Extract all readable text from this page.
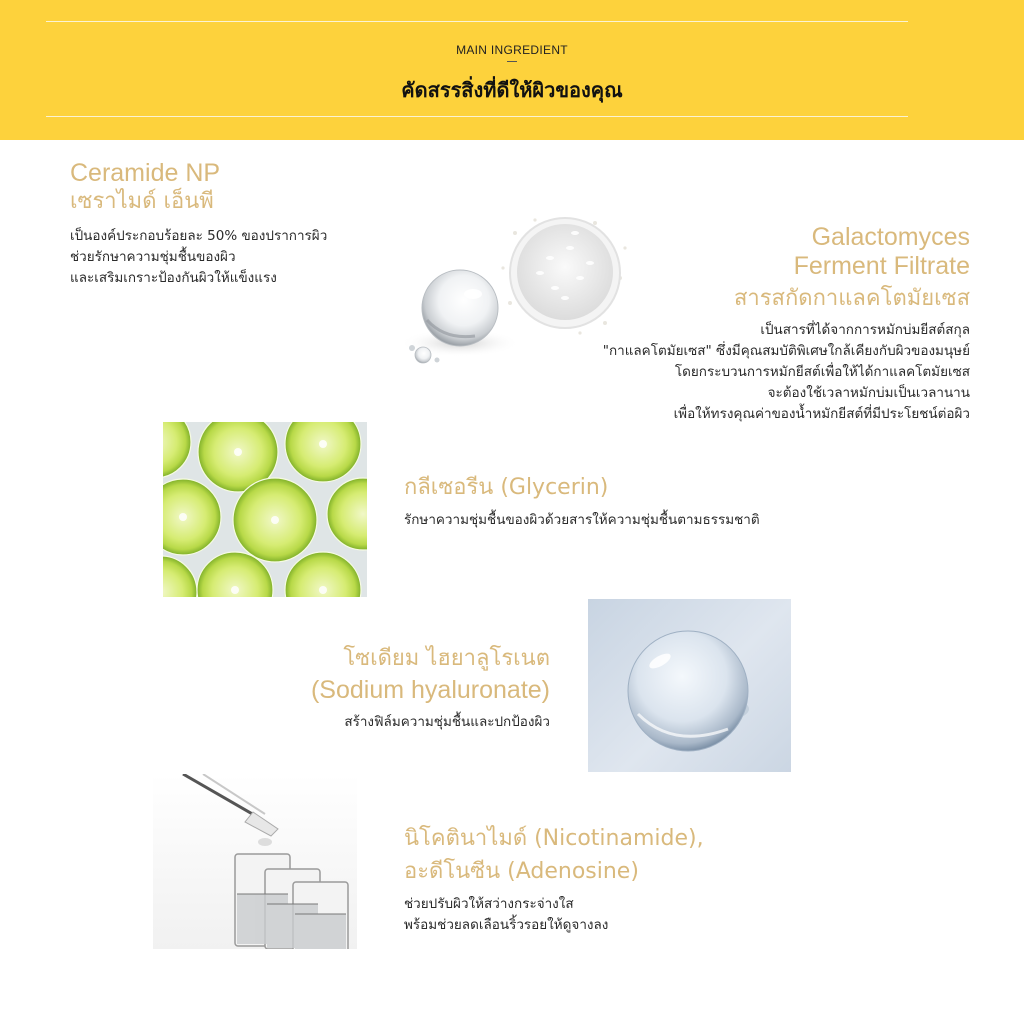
MAIN INGREDIENT
คัดสรรสิ่งที่ดีให้ผิวของคุณ
Ceramide NP
เซราไมด์ เอ็นพี
เป็นองค์ประกอบร้อยละ 50% ของปราการผิว
ช่วยรักษาความชุ่มชื้นของผิว
และเสริมเกราะป้องกันผิวให้แข็งแรง
Galactomyces
Ferment Filtrate
สารสกัดกาแลคโตมัยเซส
เป็นสารที่ได้จากการหมักบ่มยีสต์สกุล
"กาแลคโตมัยเซส" ซึ่งมีคุณสมบัติพิเศษใกล้เคียงกับผิวของมนุษย์
โดยกระบวนการหมักยีสต์เพื่อให้ได้กาแลคโตมัยเซส
จะต้องใช้เวลาหมักบ่มเป็นเวลานาน
เพื่อให้ทรงคุณค่าของน้ำหมักยีสต์ที่มีประโยชน์ต่อผิว
กลีเซอรีน (Glycerin)
รักษาความชุ่มชื้นของผิวด้วยสารให้ความชุ่มชื้นตามธรรมชาติ
โซเดียม ไฮยาลูโรเนต
(Sodium hyaluronate)
สร้างฟิล์มความชุ่มชื้นและปกป้องผิว
นิโคตินาไมด์ (Nicotinamide),
อะดีโนซีน (Adenosine)
ช่วยปรับผิวให้สว่างกระจ่างใส
พร้อมช่วยลดเลือนริ้วรอยให้ดูจางลง
